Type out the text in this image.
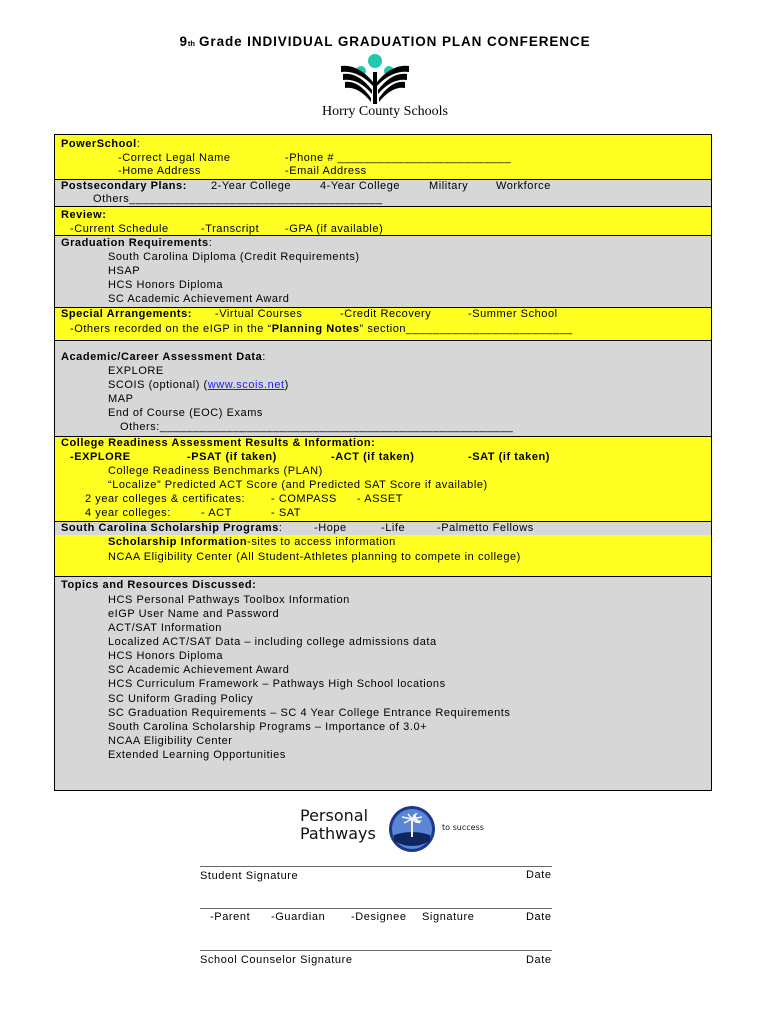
9th Grade INDIVIDUAL GRADUATION PLAN CONFERENCE
Horry County Schools
PowerSchool:
-Correct Legal Name	-Phone # __________________________
-Home Address	-Email Address
Postsecondary Plans: 2-Year College	4-Year College	Military	Workforce
Others______________________________________
Review:
-Current Schedule	-Transcript -GPA (if available)
Graduation Requirements:
South Carolina Diploma (Credit Requirements)
HSAP
HCS Honors Diploma
SC Academic Achievement Award
Special Arrangements: -Virtual Courses	-Credit Recovery	-Summer School
-Others recorded on the eIGP in the “Planning Notes” section_________________________
Academic/Career Assessment Data:
EXPLORE
SCOIS (optional) (www.scois.net)
MAP
End of Course (EOC) Exams
Others:_____________________________________________________
College Readiness Assessment Results & Information:
-EXPLORE	-PSAT (if taken)	-ACT (if taken)	-SAT (if taken)
College Readiness Benchmarks (PLAN)
“Localize” Predicted ACT Score (and Predicted SAT Score if available)
2 year colleges & certificates: - COMPASS - ASSET
4 year colleges:	- ACT	- SAT
South Carolina Scholarship Programs:	-Hope	-Life	-Palmetto Fellows
Scholarship Information-sites to access information
NCAA Eligibility Center (All Student-Athletes planning to compete in college)
Topics and Resources Discussed:
HCS Personal Pathways Toolbox Information
eIGP User Name and Password
ACT/SAT Information
Localized ACT/SAT Data – including college admissions data
HCS Honors Diploma
SC Academic Achievement Award
HCS Curriculum Framework – Pathways High School locations
SC Uniform Grading Policy
SC Graduation Requirements – SC 4 Year College Entrance Requirements
South Carolina Scholarship Programs – Importance of 3.0+
NCAA Eligibility Center
Extended Learning Opportunities
Personal
Pathways	to success
Student Signature	Date
-Parent -Guardian -Designee Signature	Date
School Counselor Signature	Date
